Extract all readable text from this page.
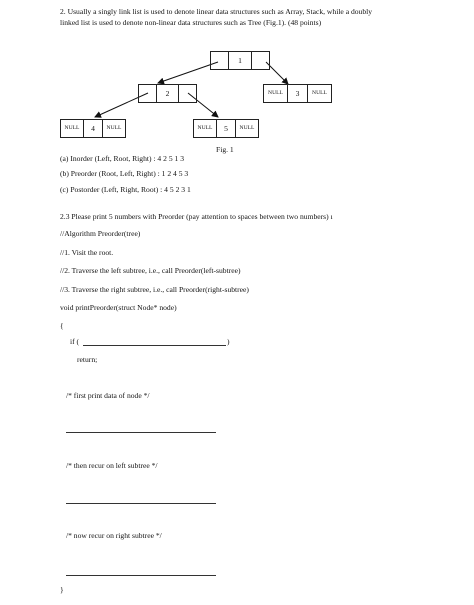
2. Usually a singly link list is used to denote linear data structures such as Array, Stack, while a doubly
linked list is used to denote non-linear data structures such as Tree (Fig.1). (48 points)
1
2	NULL	3	NULL
NULL	4	NULL	NULL	5	NULL
Fig. 1
(a) Inorder (Left, Root, Right) : 4 2 5 1 3
(b) Preorder (Root, Left, Right) : 1 2 4 5 3
(c) Postorder (Left, Right, Root) : 4 5 2 3 1
2.3 Please print 5 numbers with Preorder (pay attention to spaces between two numbers) ı
//Algorithm Preorder(tree)
//1. Visit the root.
//2. Traverse the left subtree, i.e., call Preorder(left-subtree)
//3. Traverse the right subtree, i.e., call Preorder(right-subtree)
void printPreorder(struct Node* node)
{
if (	)
return;
/* first print data of node */
/* then recur on left subtree */
/* now recur on right subtree */
}
